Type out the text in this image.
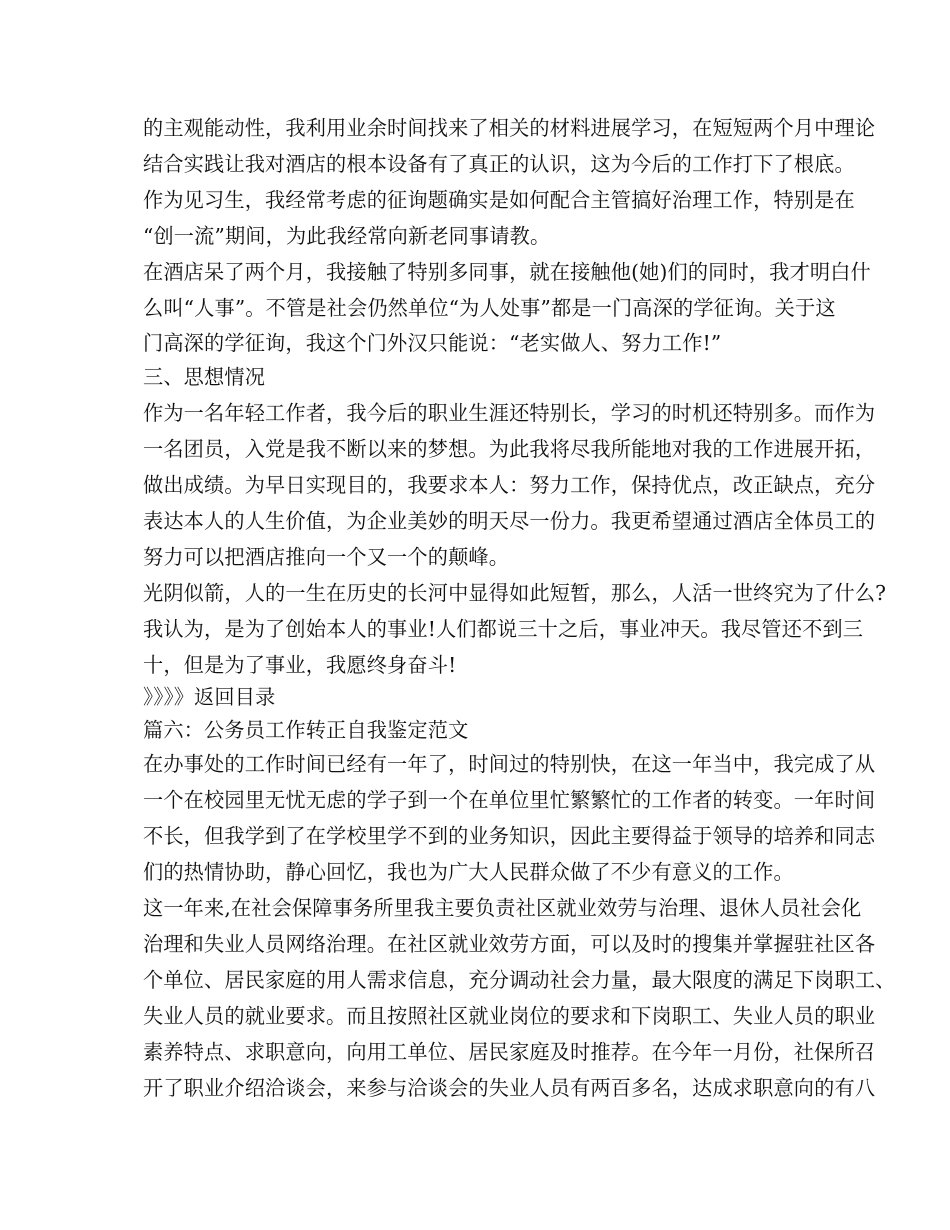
的主观能动性，我利用业余时间找来了相关的材料进展学习，在短短两个月中理论
结合实践让我对酒店的根本设备有了真正的认识，这为今后的工作打下了根底。
作为见习生，我经常考虑的征询题确实是如何配合主管搞好治理工作，特别是在
“创一流”期间，为此我经常向新老同事请教。
在酒店呆了两个月，我接触了特别多同事，就在接触他(她)们的同时，我才明白什
么叫“人事”。不管是社会仍然单位“为人处事”都是一门高深的学征询。关于这
门高深的学征询，我这个门外汉只能说：“老实做人、努力工作!”
三、思想情况
作为一名年轻工作者，我今后的职业生涯还特别长，学习的时机还特别多。而作为
一名团员，入党是我不断以来的梦想。为此我将尽我所能地对我的工作进展开拓，
做出成绩。为早日实现目的，我要求本人：努力工作，保持优点，改正缺点，充分
表达本人的人生价值，为企业美妙的明天尽一份力。我更希望通过酒店全体员工的
努力可以把酒店推向一个又一个的颠峰。
光阴似箭，人的一生在历史的长河中显得如此短暂，那么，人活一世终究为了什么?
我认为，是为了创始本人的事业!人们都说三十之后，事业冲天。我尽管还不到三
十，但是为了事业，我愿终身奋斗!
》》》》返回目录
篇六：公务员工作转正自我鉴定范文
在办事处的工作时间已经有一年了，时间过的特别快，在这一年当中，我完成了从
一个在校园里无忧无虑的学子到一个在单位里忙繁繁忙的工作者的转变。一年时间
不长，但我学到了在学校里学不到的业务知识，因此主要得益于领导的培养和同志
们的热情协助，静心回忆，我也为广大人民群众做了不少有意义的工作。
这一年来,在社会保障事务所里我主要负责社区就业效劳与治理、退休人员社会化
治理和失业人员网络治理。在社区就业效劳方面，可以及时的搜集并掌握驻社区各
个单位、居民家庭的用人需求信息，充分调动社会力量，最大限度的满足下岗职工、
失业人员的就业要求。而且按照社区就业岗位的要求和下岗职工、失业人员的职业
素养特点、求职意向，向用工单位、居民家庭及时推荐。在今年一月份，社保所召
开了职业介绍洽谈会，来参与洽谈会的失业人员有两百多名，达成求职意向的有八
